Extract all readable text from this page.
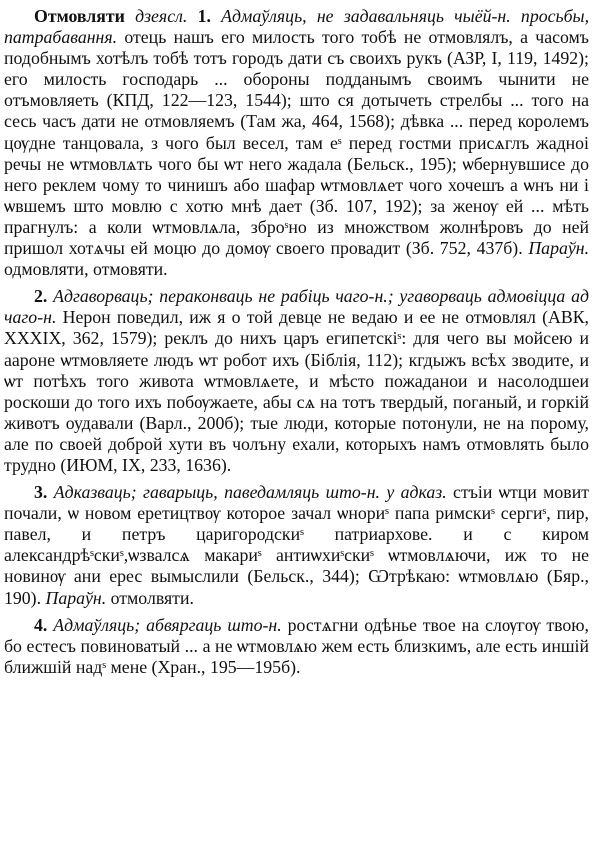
Отмовляти дзеясл. 1. Адмаўляць, не задавальняць чыёй-н. просьбы, патрабавання. отець нашъ его милость того тобѣ не отмовлялъ, а часомъ подобнымъ хотѣлъ тобѣ тотъ городъ дати съ своихъ рукъ (АЗР, I, 119, 1492); его милость господарь ... обороны подданымъ своимъ чынити не отъмовляеть (КПД, 122—123, 1544); што ся дотычеть стрелбы ... того на сесь часъ дати не отмовляемъ (Там жа, 464, 1568); дѣвка ... перед королемъ цѹдне танцовала, з чого был весел, там еˢ перед гостми присѧглъ жадноi речы не ѡтмовлѧть чого бы ѡт него жадала (Бельск., 195); ѡбернувшисе до него реклем чому то чинишъ або шафар ѡтмовлѧет чого хочешъ а ѡнъ ни і ѡвшемъ што мовлю с хотю мнѣ дает (Зб. 107, 192); за женѹ ей ... мѣть прагнулъ: а коли ѡтмовлѧла, зброˢно из множством жолнѣровъ до ней пришол хотѧчы ей моцю до домѹ своего провадит (Зб. 752, 437б). Параўн. одмовляти, отмовяти.

2. Адгаворваць; пераконваць не рабіць чаго-н.; угаворваць адмовіцца ад чаго-н. Нерон поведил, иж я о той девце не ведаю и ее не отмовлял (АВК, XXXIX, 362, 1579); реклъ до нихъ царъ египетскiˢ: для чего вы мойсею и аароне ѡтмовляете людъ ѡт робот ихъ (Біблія, 112); кгдыжъ всѣх зводите, и ѡт потѣхъ того живота ѡтмовлѧете, и мѣсто пожаданои и насолодшеи роскоши до того ихъ побѹжаете, абы сѧ на тотъ твердый, поганый, и горкій животъ оудавали (Варл., 200б); тые люди, которые потонули, не на порому, але по своей доброй хути въ чолъну ехали, которыхъ намъ отмовлять было трудно (ИЮМ, IX, 233, 1636).

3. Адказваць; гаварыць, паведамляць што-н. у адказ. стъiи ѡтци мовит почали, ѡ новом еретицтвѹ которое зачал ѡнориˢ папа римскиˢ сергиˢ, пир, павел, и петръ царигородскиˢ патриархове. и с киром александрѣˢскиˢ,ѡзвалсѧ макариˢ антиѡхиˢскиˢ ѡтмовлѧючи, иж то не новинѹ ани ерес вымыслили (Бельск., 344); Ѡтрѣкаю: ѡтмовлѧю (Бяр., 190). Параўн. отмолвяти.

4. Адмаўляць; абвяргаць што-н. ростѧгни одѣнье твое на слѹгѹ твою, бо естесъ повиноватый ... а не ѡтмовлѧю жем есть близкимъ, але есть иншій ближшій надˢ мене (Хран., 195—195б).
